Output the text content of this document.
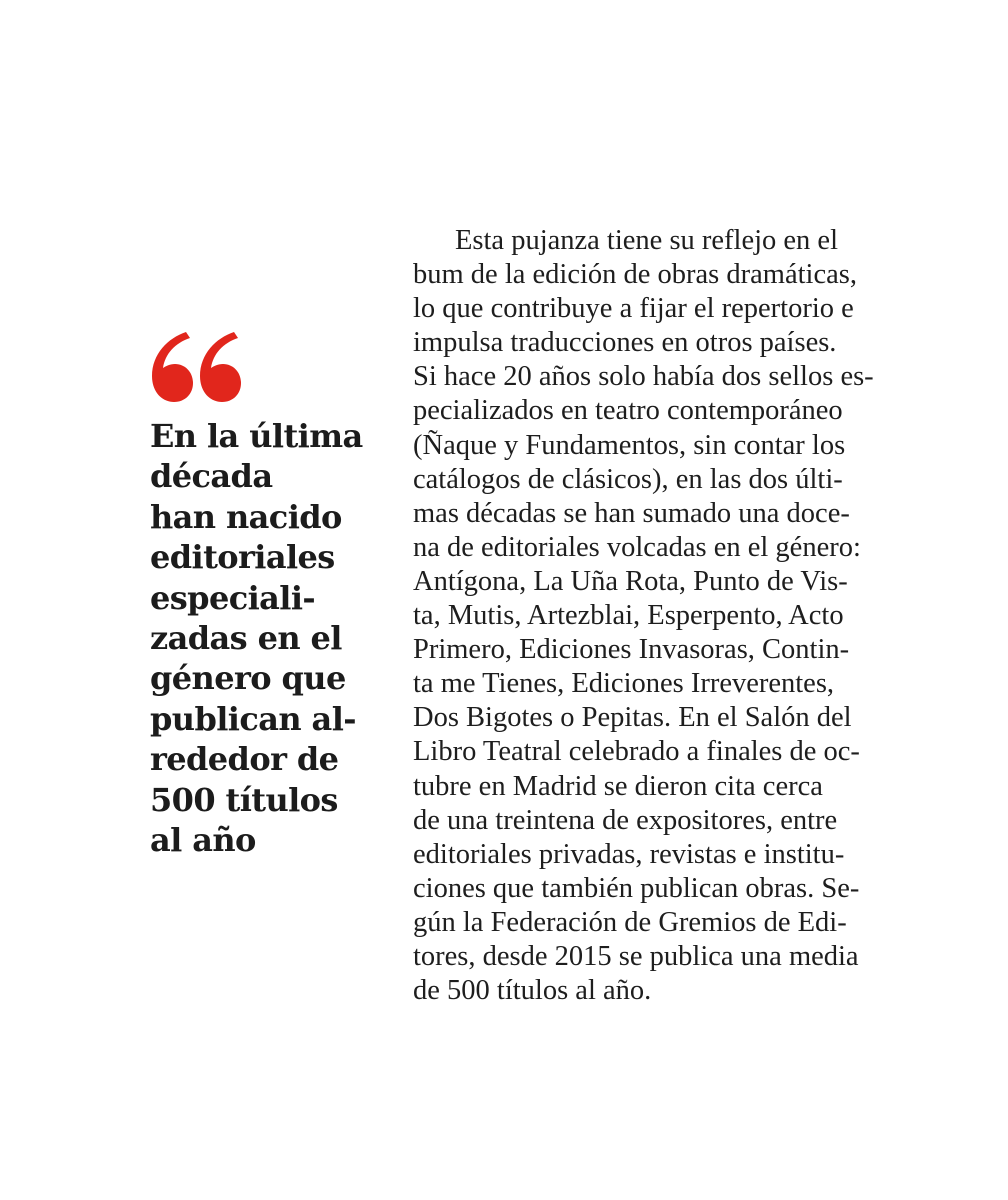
En la última
década
han nacido
editoriales
especiali-
zadas en el
género que
publican al-
rededor de
500 títulos
al año

Esta pujanza tiene su reflejo en el
bum de la edición de obras dramáticas,
lo que contribuye a fijar el repertorio e
impulsa traducciones en otros países.
Si hace 20 años solo había dos sellos es-
pecializados en teatro contemporáneo
(Ñaque y Fundamentos, sin contar los
catálogos de clásicos), en las dos últi-
mas décadas se han sumado una doce-
na de editoriales volcadas en el género:
Antígona, La Uña Rota, Punto de Vis-
ta, Mutis, Artezblai, Esperpento, Acto
Primero, Ediciones Invasoras, Contin-
ta me Tienes, Ediciones Irreverentes,
Dos Bigotes o Pepitas. En el Salón del
Libro Teatral celebrado a finales de oc-
tubre en Madrid se dieron cita cerca
de una treintena de expositores, entre
editoriales privadas, revistas e institu-
ciones que también publican obras. Se-
gún la Federación de Gremios de Edi-
tores, desde 2015 se publica una media
de 500 títulos al año.
